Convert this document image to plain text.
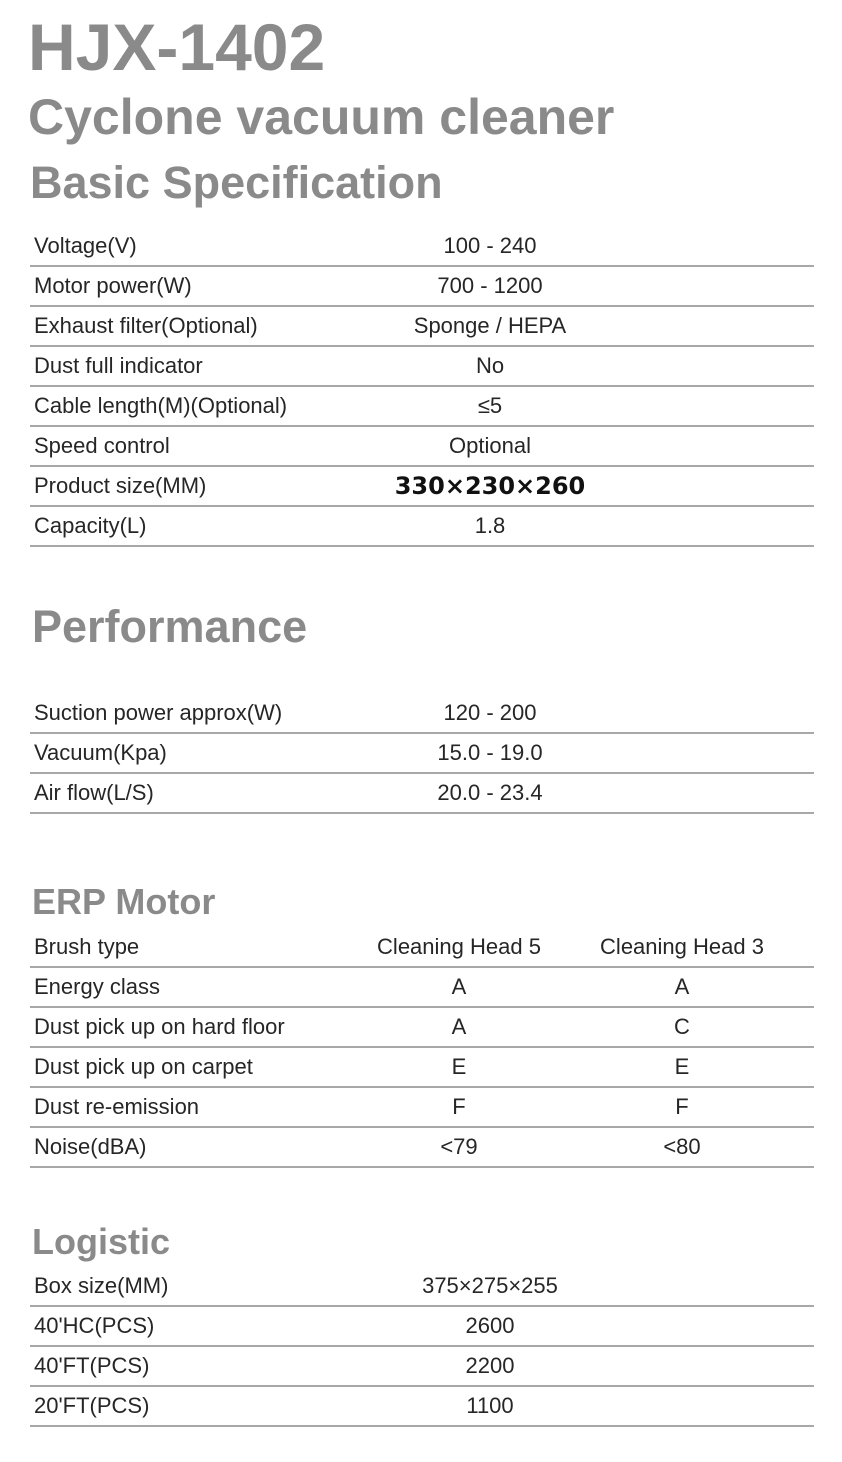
HJX-1402
Cyclone vacuum cleaner
Basic Specification
Voltage(V)	100 - 240
Motor power(W)	700 - 1200
Exhaust filter(Optional)	Sponge / HEPA
Dust full indicator	No
Cable length(M)(Optional)	≤5
Speed control	Optional
Product size(MM)	330×230×260
Capacity(L)	1.8
Performance
Suction power approx(W)	120 - 200
Vacuum(Kpa)	15.0 - 19.0
Air flow(L/S)	20.0 - 23.4
ERP Motor
Brush type	Cleaning Head 5	Cleaning Head 3
Energy class	A	A
Dust pick up on hard floor	A	C
Dust pick up on carpet	E	E
Dust re-emission	F	F
Noise(dBA)	<79	<80
Logistic
Box size(MM)	375×275×255
40'HC(PCS)	2600
40'FT(PCS)	2200
20'FT(PCS)	1100
